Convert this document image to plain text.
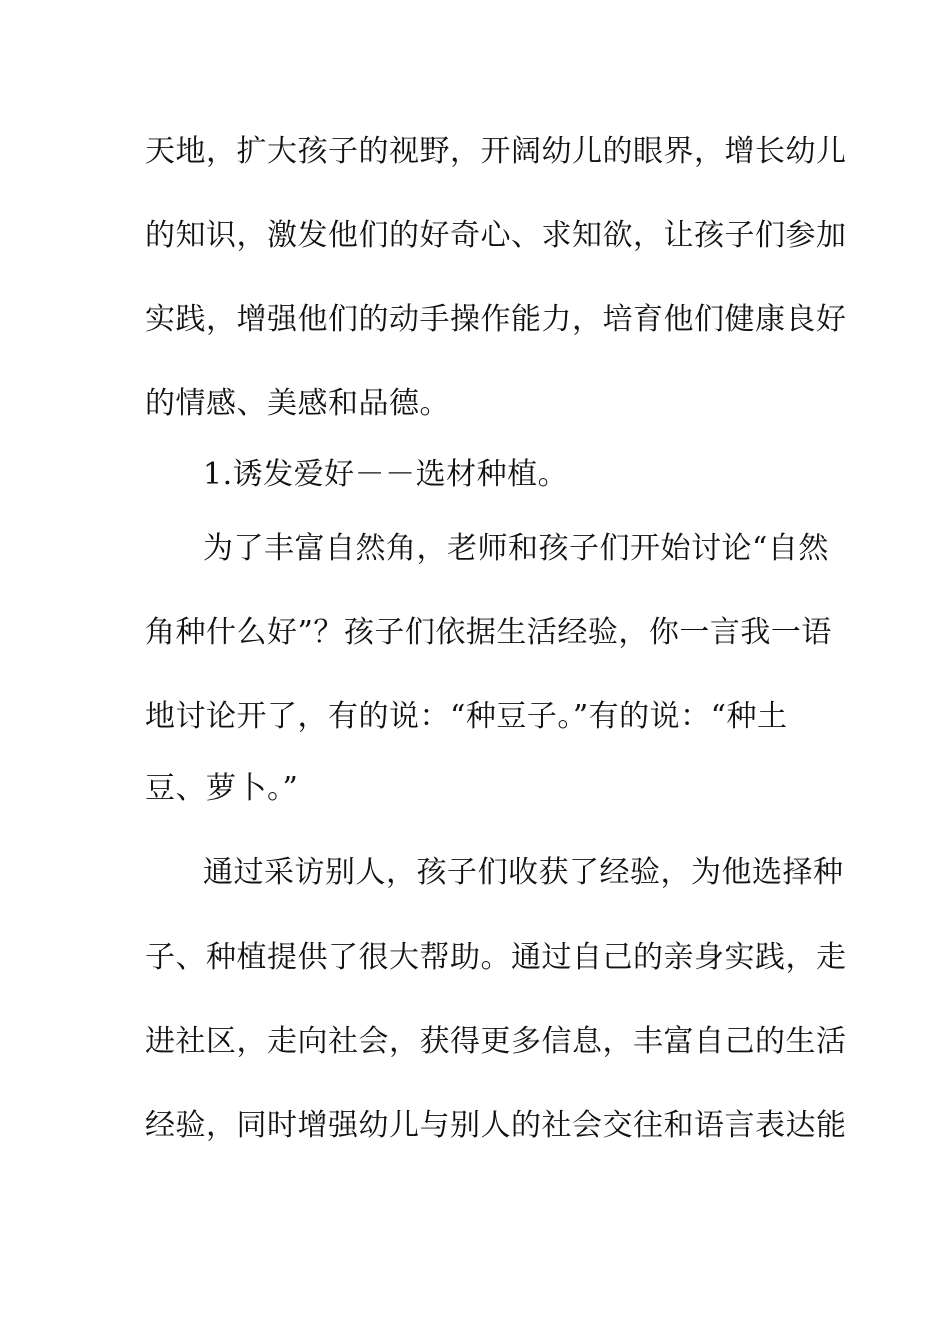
天地，扩大孩子的视野，开阔幼儿的眼界，增长幼儿
的知识，激发他们的好奇心、求知欲，让孩子们参加
实践，增强他们的动手操作能力，培育他们健康良好
的情感、美感和品德。
1.诱发爱好－－选材种植。
为了丰富自然角，老师和孩子们开始讨论“自然
角种什么好”？孩子们依据生活经验，你一言我一语
地讨论开了，有的说：“种豆子。”有的说：“种土
豆、萝卜。”
通过采访别人，孩子们收获了经验，为他选择种
子、种植提供了很大帮助。通过自己的亲身实践，走
进社区，走向社会，获得更多信息，丰富自己的生活
经验，同时增强幼儿与别人的社会交往和语言表达能
